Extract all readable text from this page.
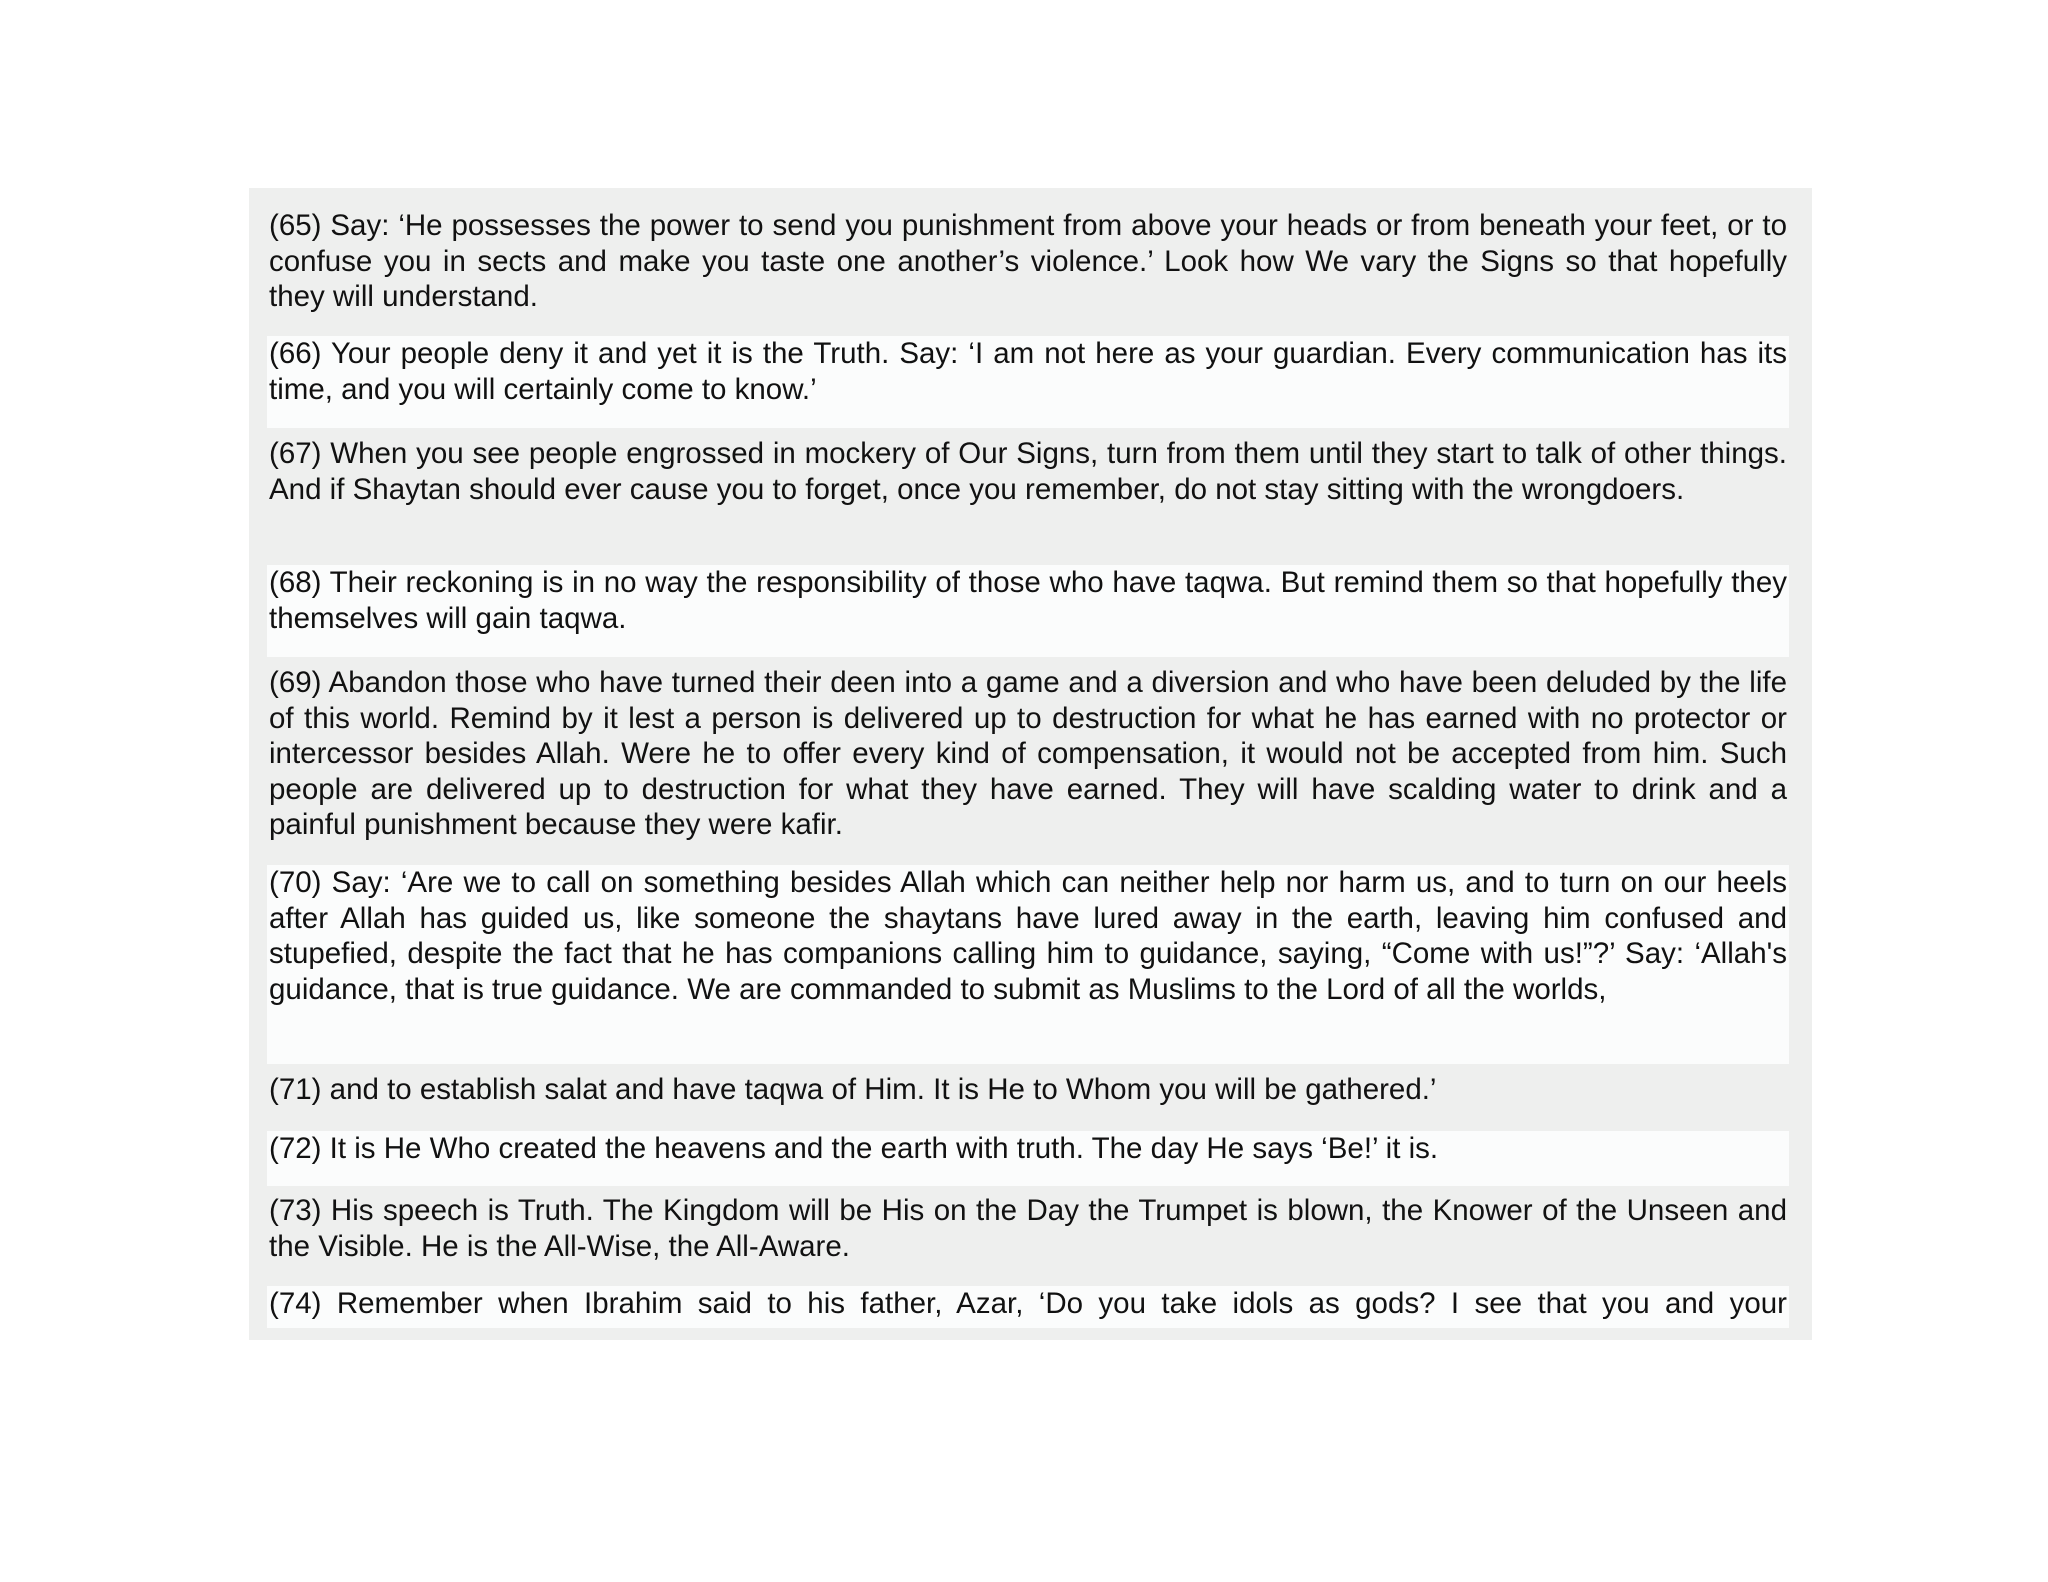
(65) Say: ‘He possesses the power to send you punishment from above your heads or from beneath your feet, or to confuse you in sects and make you taste one another’s violence.’ Look how We vary the Signs so that hopefully they will understand.
(66) Your people deny it and yet it is the Truth. Say: ‘I am not here as your guardian. Every communication has its time, and you will certainly come to know.’
(67) When you see people engrossed in mockery of Our Signs, turn from them until they start to talk of other things. And if Shaytan should ever cause you to forget, once you remember, do not stay sitting with the wrongdoers.
(68) Their reckoning is in no way the responsibility of those who have taqwa. But remind them so that hopefully they themselves will gain taqwa.
(69) Abandon those who have turned their deen into a game and a diversion and who have been deluded by the life of this world. Remind by it lest a person is delivered up to destruction for what he has earned with no protector or intercessor besides Allah. Were he to offer every kind of compensation, it would not be accepted from him. Such people are delivered up to destruction for what they have earned. They will have scalding water to drink and a painful punishment because they were kafir.
(70) Say: ‘Are we to call on something besides Allah which can neither help nor harm us, and to turn on our heels after Allah has guided us, like someone the shaytans have lured away in the earth, leaving him confused and stupefied, despite the fact that he has companions calling him to guidance, saying, “Come with us!”?’ Say: ‘Allah's guidance, that is true guidance. We are commanded to submit as Muslims to the Lord of all the worlds,
(71) and to establish salat and have taqwa of Him. It is He to Whom you will be gathered.’
(72) It is He Who created the heavens and the earth with truth. The day He says ‘Be!’ it is.
(73) His speech is Truth. The Kingdom will be His on the Day the Trumpet is blown, the Knower of the Unseen and the Visible. He is the All-Wise, the All-Aware.
(74) Remember when Ibrahim said to his father, Azar, ‘Do you take idols as gods? I see that you and your
